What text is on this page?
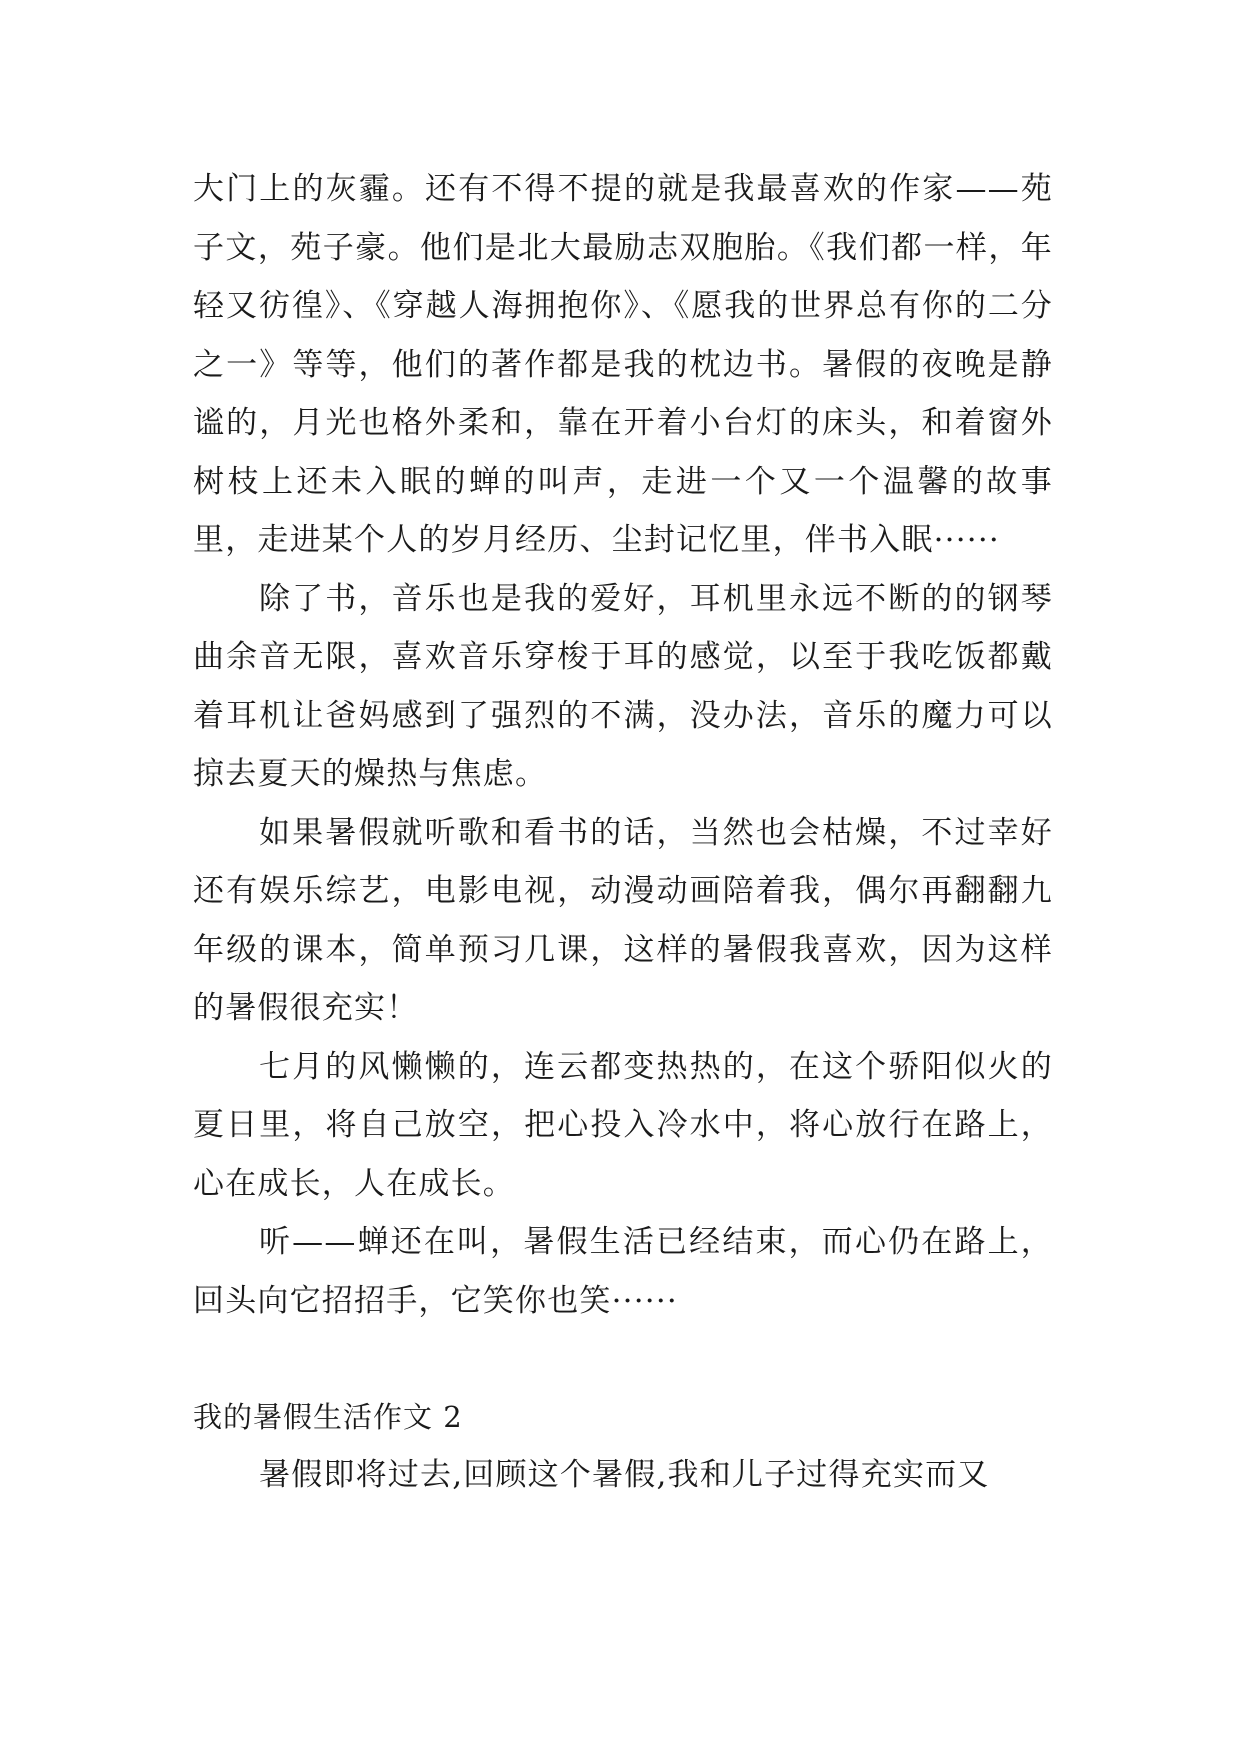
大门上的灰霾。还有不得不提的就是我最喜欢的作家——苑子文，苑子豪。他们是北大最励志双胞胎。《我们都一样，年轻又彷徨》、《穿越人海拥抱你》、《愿我的世界总有你的二分之一》等等，他们的著作都是我的枕边书。暑假的夜晚是静谧的，月光也格外柔和，靠在开着小台灯的床头，和着窗外树枝上还未入眠的蝉的叫声，走进一个又一个温馨的故事里，走进某个人的岁月经历、尘封记忆里，伴书入眠······

除了书，音乐也是我的爱好，耳机里永远不断的的钢琴曲余音无限，喜欢音乐穿梭于耳的感觉，以至于我吃饭都戴着耳机让爸妈感到了强烈的不满，没办法，音乐的魔力可以掠去夏天的燥热与焦虑。

如果暑假就听歌和看书的话，当然也会枯燥，不过幸好还有娱乐综艺，电影电视，动漫动画陪着我，偶尔再翻翻九年级的课本，简单预习几课，这样的暑假我喜欢，因为这样的暑假很充实！

七月的风懒懒的，连云都变热热的，在这个骄阳似火的夏日里，将自己放空，把心投入冷水中，将心放行在路上，心在成长，人在成长。

听——蝉还在叫，暑假生活已经结束，而心仍在路上，回头向它招招手，它笑你也笑······

我的暑假生活作文 2

暑假即将过去,回顾这个暑假,我和儿子过得充实而又
